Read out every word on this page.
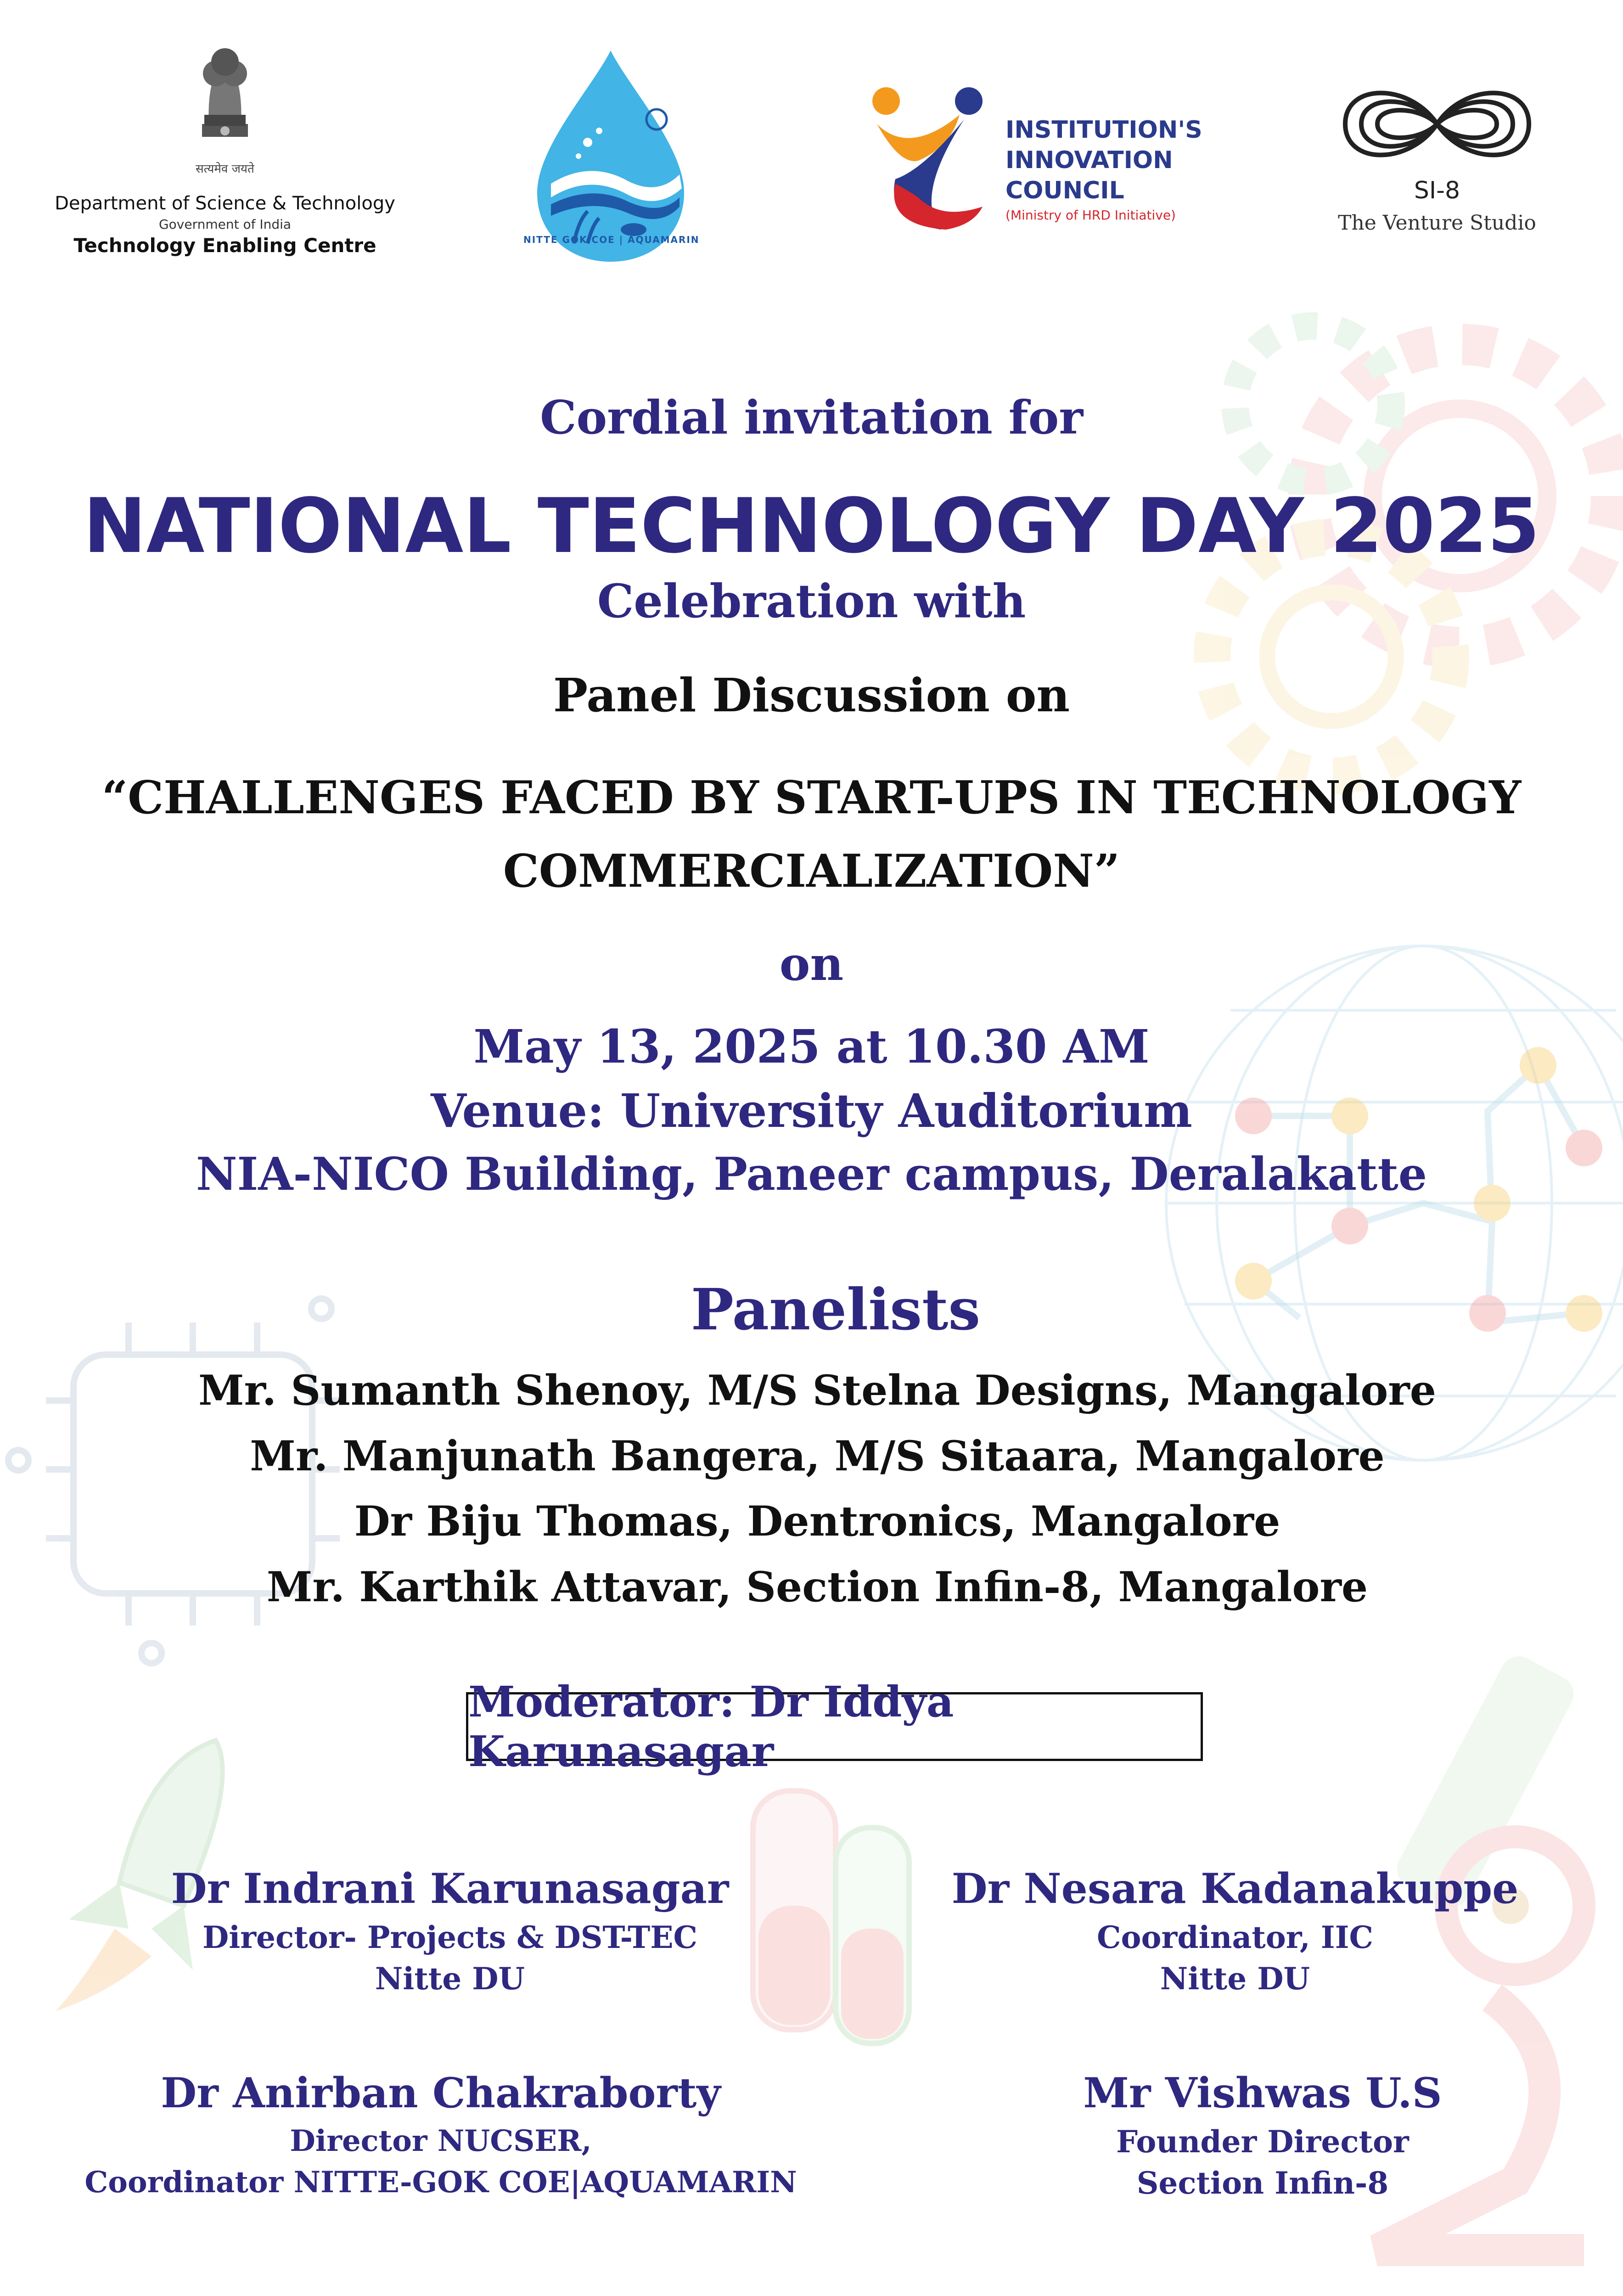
सत्यमेव जयते
Department of Science & Technology
Government of India
Technology Enabling Centre	NITTE GOK COE | AQUAMARIN
INSTITUTION'S
INNOVATION
COUNCIL
(Ministry of HRD Initiative)
SI-8
The Venture Studio
Cordial invitation for
NATIONAL TECHNOLOGY DAY 2025
Celebration with
Panel Discussion on
“CHALLENGES FACED BY START-UPS IN TECHNOLOGY
COMMERCIALIZATION”
on
May 13, 2025 at 10.30 AM
Venue: University Auditorium
NIA-NICO Building, Paneer campus, Deralakatte
Panelists
Mr. Sumanth Shenoy, M/S Stelna Designs, Mangalore
Mr. Manjunath Bangera, M/S Sitaara, Mangalore
Dr Biju Thomas, Dentronics, Mangalore
Mr. Karthik Attavar, Section Infin-8, Mangalore
Moderator: Dr Iddya Karunasagar
Dr Indrani Karunasagar
Director- Projects & DST-TEC
Nitte DU
Dr Nesara Kadanakuppe
Coordinator, IIC
Nitte DU
Dr Anirban Chakraborty
Director NUCSER,
Coordinator NITTE-GOK COE|AQUAMARIN
Mr Vishwas U.S
Founder Director
Section Infin-8
